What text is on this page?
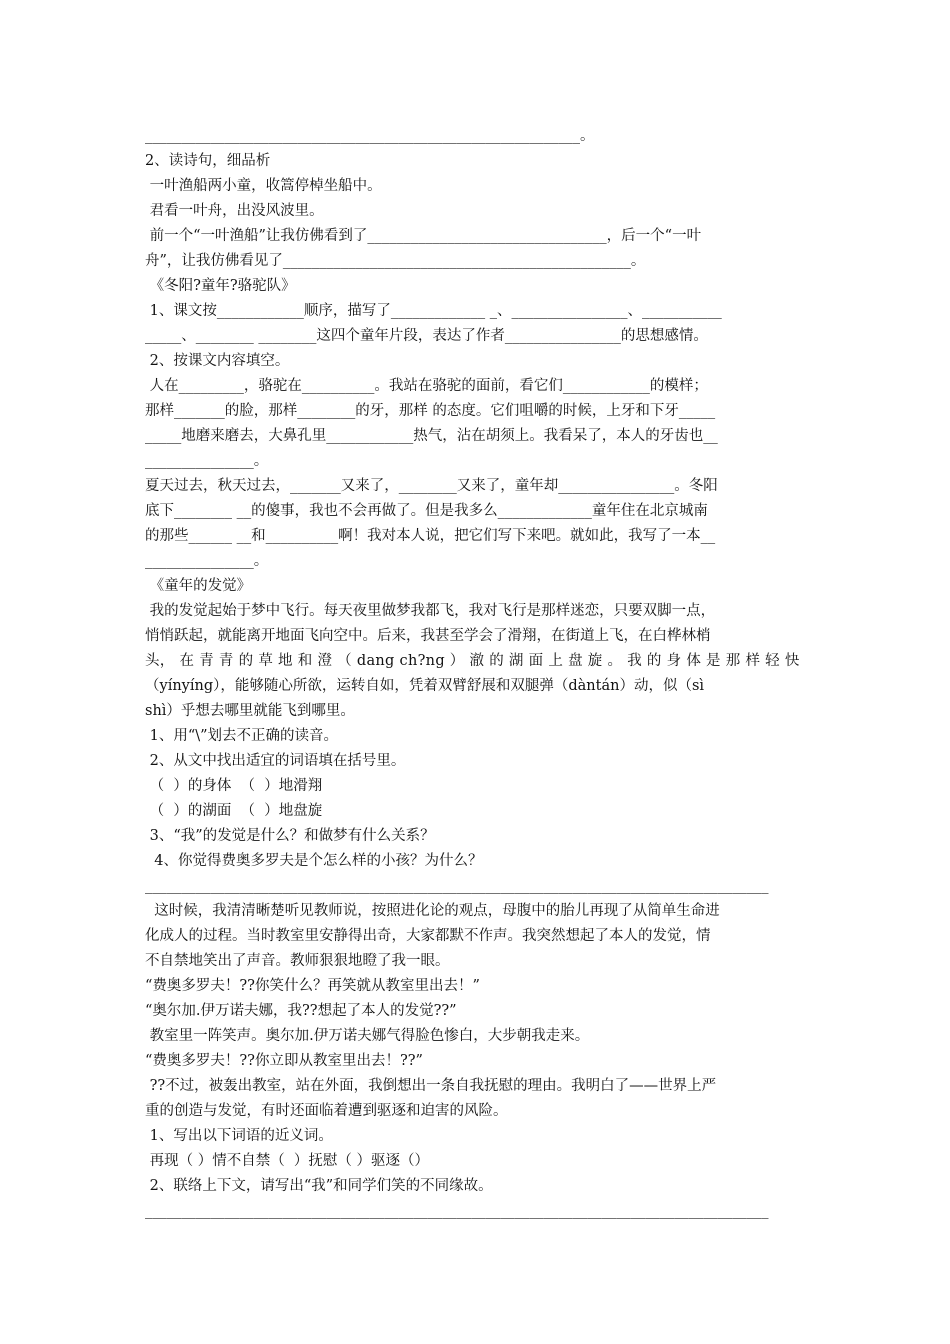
____________________________________________________________。
2、读诗句，细品析
一叶渔船两小童，收篙停棹坐船中。
君看一叶舟，出没风波里。
前一个“一叶渔船”让我仿佛看到了_________________________________，后一个“一叶
舟”，让我仿佛看见了________________________________________________。
《冬阳?童年?骆驼队》
1、课文按____________顺序，描写了_____________ _、________________、___________
_____、________ ________这四个童年片段，表达了作者________________的思想感情。
2、按课文内容填空。
人在_________，骆驼在__________。我站在骆驼的面前，看它们____________的模样；
那样_______的脸，那样________的牙，那样 的态度。它们咀嚼的时候，上牙和下牙_____
_____地磨来磨去，大鼻孔里____________热气，沾在胡须上。我看呆了，本人的牙齿也__
_______________。
夏天过去，秋天过去，_______又来了，________又来了，童年却________________。冬阳
底下________ __的傻事，我也不会再做了。但是我多么_____________童年住在北京城南
的那些______ __和__________啊！我对本人说，把它们写下来吧。就如此，我写了一本__
_______________。
《童年的发觉》
我的发觉起始于梦中飞行。每天夜里做梦我都飞，我对飞行是那样迷恋，只要双脚一点，
悄悄跃起，就能离开地面飞向空中。后来，我甚至学会了滑翔，在街道上飞，在白桦林梢
头， 在 青 青 的 草 地 和 澄 （ dang ch?ng ） 澈 的 湖 面 上 盘 旋 。 我 的 身 体 是 那 样 轻 快
（yínyíng），能够随心所欲，运转自如，凭着双臂舒展和双腿弹（dàntán）动，似（sì
shì）乎想去哪里就能飞到哪里。
1、用“\”划去不正确的读音。
2、从文中找出适宜的词语填在括号里。
（  ）的身体  （  ）地滑翔
（  ）的湖面  （  ）地盘旋
3、“我”的发觉是什么？和做梦有什么关系？
4、你觉得费奥多罗夫是个怎么样的小孩？为什么？
______________________________________________________________________________________
这时候，我清清晰楚听见教师说，按照进化论的观点，母腹中的胎儿再现了从简单生命进
化成人的过程。当时教室里安静得出奇，大家都默不作声。我突然想起了本人的发觉，情
不自禁地笑出了声音。教师狠狠地瞪了我一眼。
“费奥多罗夫！??你笑什么？再笑就从教室里出去！”
“奥尔加.伊万诺夫娜，我??想起了本人的发觉??”
教室里一阵笑声。奥尔加.伊万诺夫娜气得脸色惨白，大步朝我走来。
“费奥多罗夫！??你立即从教室里出去！??”
??不过，被轰出教室，站在外面，我倒想出一条自我抚慰的理由。我明白了——世界上严
重的创造与发觉，有时还面临着遭到驱逐和迫害的风险。
1、写出以下词语的近义词。
再现（ ）情不自禁（  ）抚慰（ ）驱逐（）
2、联络上下文，请写出“我”和同学们笑的不同缘故。
______________________________________________________________________________________
